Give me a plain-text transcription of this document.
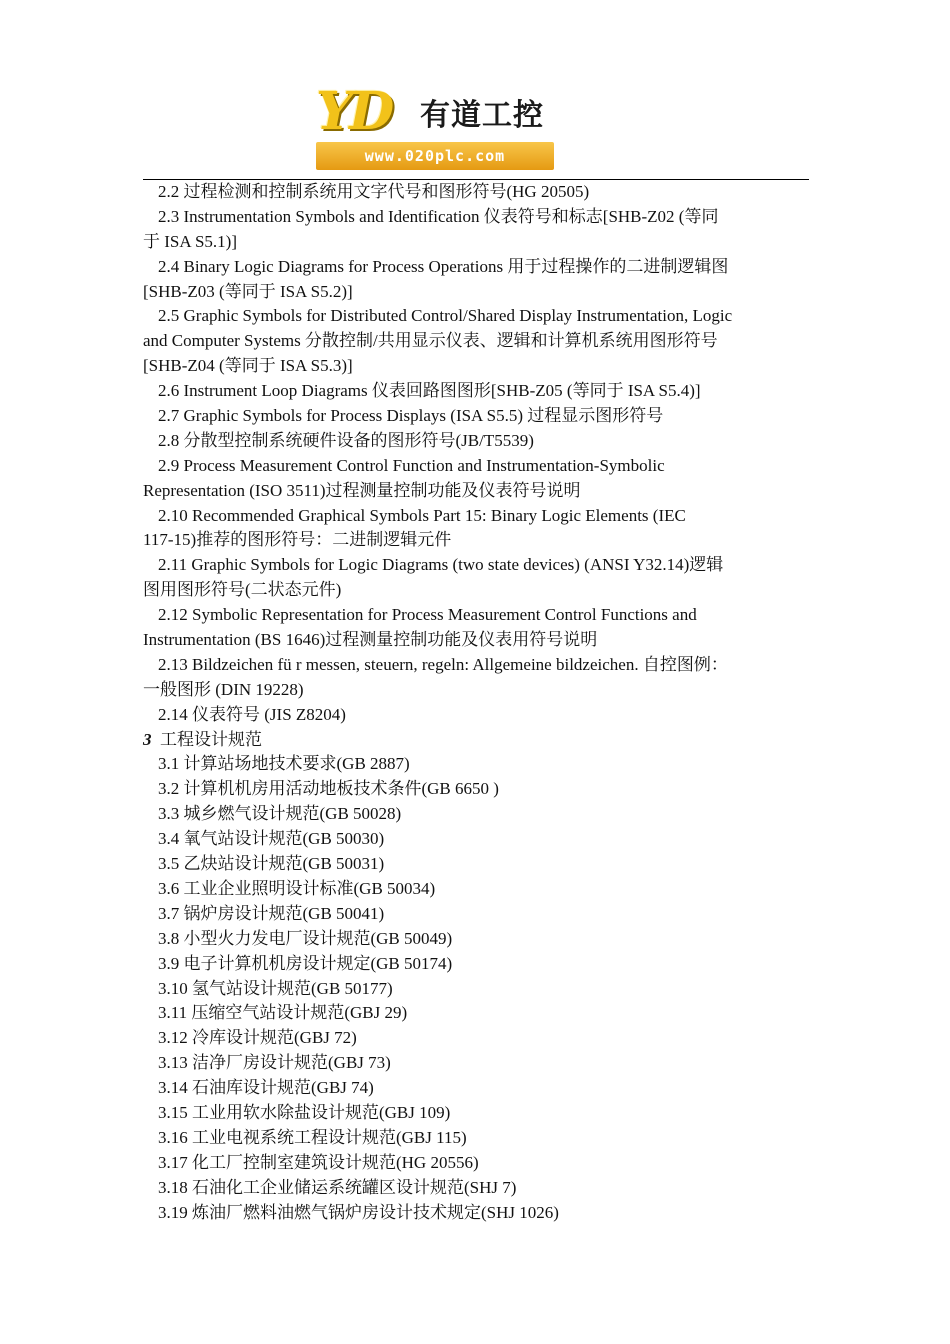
YD 有道工控
www.020plc.com
2.2 过程检测和控制系统用文字代号和图形符号(HG 20505)
2.3 Instrumentation Symbols and Identification 仪表符号和标志[SHB-Z02 (等同
于 ISA S5.1)]
2.4 Binary Logic Diagrams for Process Operations 用于过程操作的二进制逻辑图
[SHB-Z03 (等同于 ISA S5.2)]
2.5 Graphic Symbols for Distributed Control/Shared Display Instrumentation, Logic
and Computer Systems 分散控制/共用显示仪表、逻辑和计算机系统用图形符号
[SHB-Z04 (等同于 ISA S5.3)]
2.6 Instrument Loop Diagrams 仪表回路图图形[SHB-Z05 (等同于 ISA S5.4)]
2.7 Graphic Symbols for Process Displays (ISA S5.5) 过程显示图形符号
2.8 分散型控制系统硬件设备的图形符号(JB/T5539)
2.9 Process Measurement Control Function and Instrumentation-Symbolic
Representation (ISO 3511)过程测量控制功能及仪表符号说明
2.10 Recommended Graphical Symbols Part 15: Binary Logic Elements (IEC
117-15)推荐的图形符号：二进制逻辑元件
2.11 Graphic Symbols for Logic Diagrams (two state devices) (ANSI Y32.14)逻辑
图用图形符号(二状态元件)
2.12 Symbolic Representation for Process Measurement Control Functions and
Instrumentation (BS 1646)过程测量控制功能及仪表用符号说明
2.13 Bildzeichen fü r messen, steuern, regeln: Allgemeine bildzeichen. 自控图例：
一般图形 (DIN 19228)
2.14 仪表符号 (JIS Z8204)
3 工程设计规范
3.1 计算站场地技术要求(GB 2887)
3.2 计算机机房用活动地板技术条件(GB 6650 )
3.3 城乡燃气设计规范(GB 50028)
3.4 氧气站设计规范(GB 50030)
3.5 乙炔站设计规范(GB 50031)
3.6 工业企业照明设计标准(GB 50034)
3.7 锅炉房设计规范(GB 50041)
3.8 小型火力发电厂设计规范(GB 50049)
3.9 电子计算机机房设计规定(GB 50174)
3.10 氢气站设计规范(GB 50177)
3.11 压缩空气站设计规范(GBJ 29)
3.12 冷库设计规范(GBJ 72)
3.13 洁净厂房设计规范(GBJ 73)
3.14 石油库设计规范(GBJ 74)
3.15 工业用软水除盐设计规范(GBJ 109)
3.16 工业电视系统工程设计规范(GBJ 115)
3.17 化工厂控制室建筑设计规范(HG 20556)
3.18 石油化工企业储运系统罐区设计规范(SHJ 7)
3.19 炼油厂燃料油燃气锅炉房设计技术规定(SHJ 1026)
